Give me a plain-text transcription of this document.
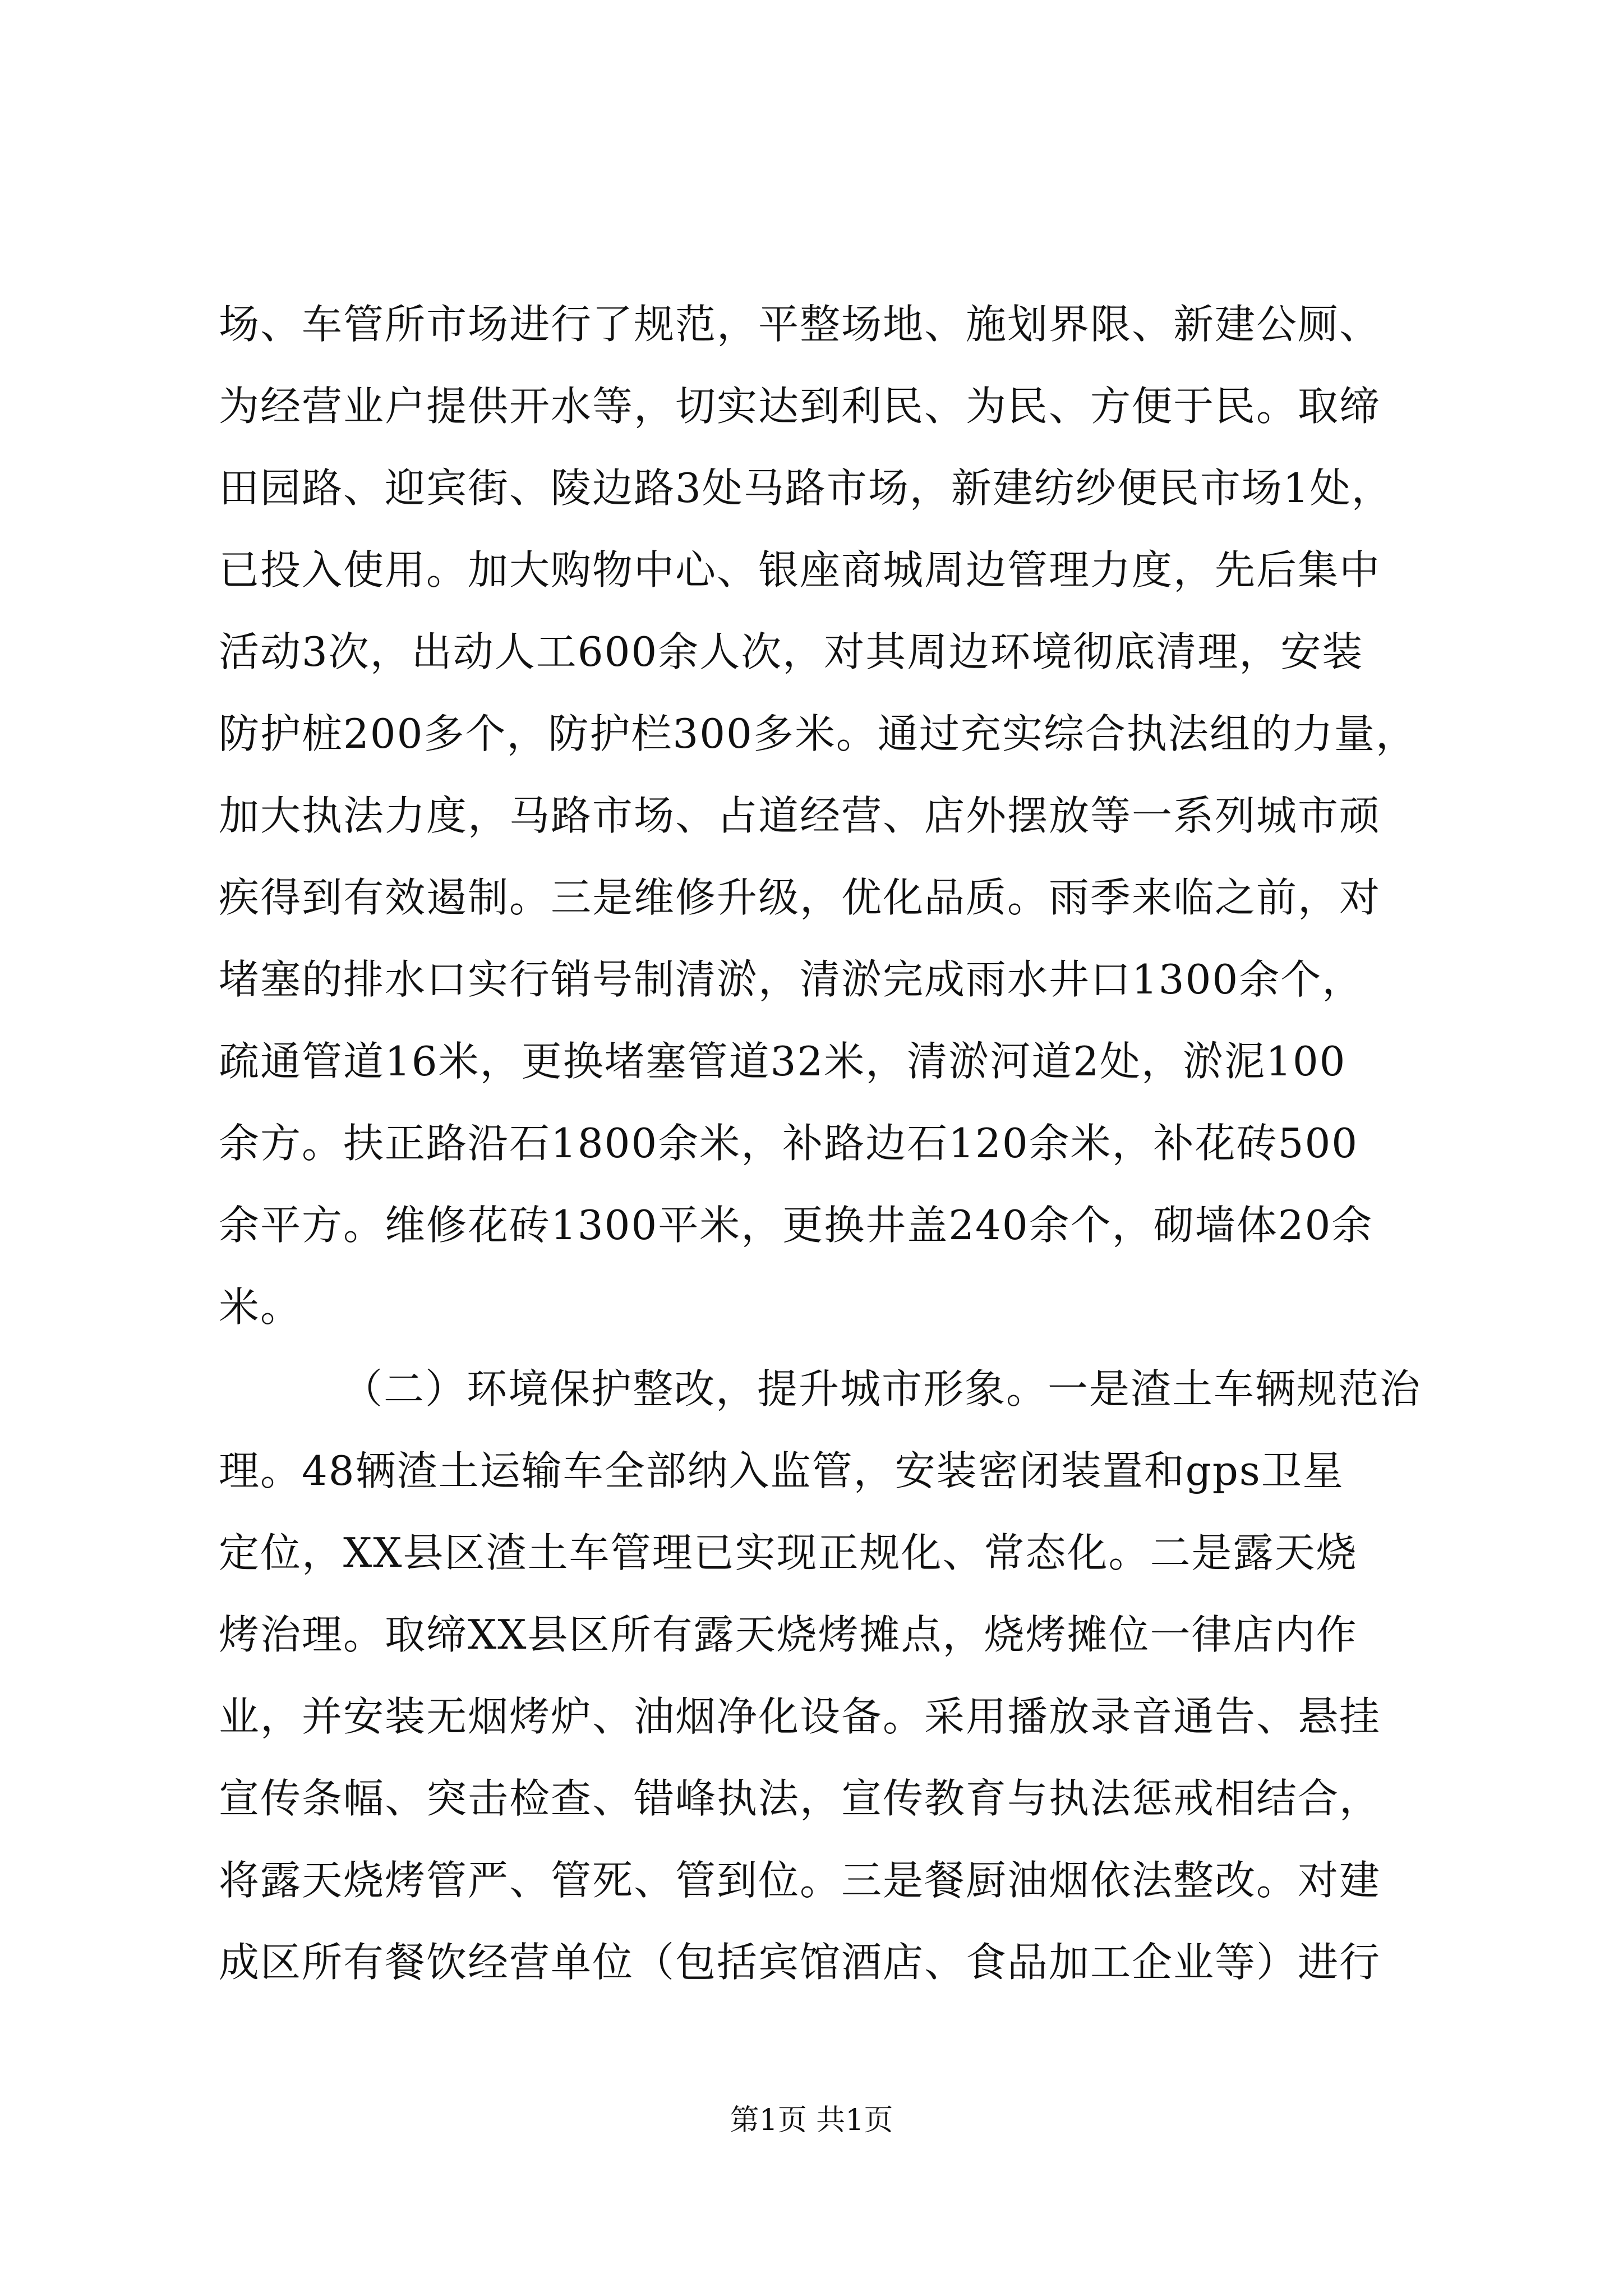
场、车管所市场进行了规范，平整场地、施划界限、新建公厕、
为经营业户提供开水等，切实达到利民、为民、方便于民。取缔
田园路、迎宾街、陵边路3处马路市场，新建纺纱便民市场1处，
已投入使用。加大购物中心、银座商城周边管理力度，先后集中
活动3次，出动人工600余人次，对其周边环境彻底清理，安装
防护桩200多个，防护栏300多米。通过充实综合执法组的力量，
加大执法力度，马路市场、占道经营、店外摆放等一系列城市顽
疾得到有效遏制。三是维修升级，优化品质。雨季来临之前，对
堵塞的排水口实行销号制清淤，清淤完成雨水井口1300余个，
疏通管道16米，更换堵塞管道32米，清淤河道2处，淤泥100
余方。扶正路沿石1800余米，补路边石120余米，补花砖500
余平方。维修花砖1300平米，更换井盖240余个，砌墙体20余
米。
（二）环境保护整改，提升城市形象。一是渣土车辆规范治
理。48辆渣土运输车全部纳入监管，安装密闭装置和gps卫星
定位，XX县区渣土车管理已实现正规化、常态化。二是露天烧
烤治理。取缔XX县区所有露天烧烤摊点，烧烤摊位一律店内作
业，并安装无烟烤炉、油烟净化设备。采用播放录音通告、悬挂
宣传条幅、突击检查、错峰执法，宣传教育与执法惩戒相结合，
将露天烧烤管严、管死、管到位。三是餐厨油烟依法整改。对建
成区所有餐饮经营单位（包括宾馆酒店、食品加工企业等）进行
第1页 共1页
